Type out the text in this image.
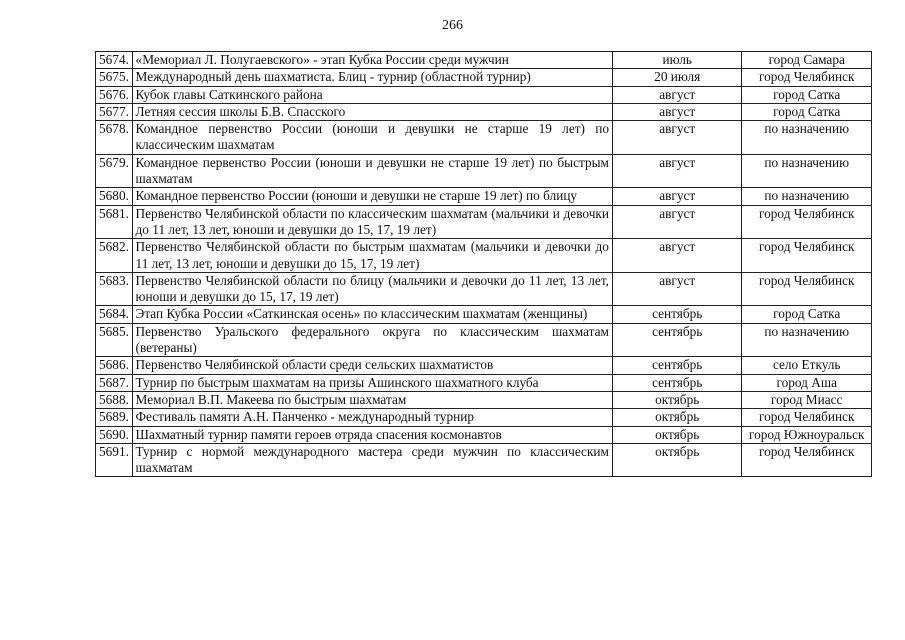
266
5674.	«Мемориал Л. Полугаевского» - этап Кубка России среди мужчин	июль	город Самара
5675.	Международный день шахматиста. Блиц - турнир (областной турнир)	20 июля	город Челябинск
5676.	Кубок главы Саткинского района	август	город Сатка
5677.	Летняя сессия школы Б.В. Спасского	август	город Сатка
5678.	Командное первенство России (юноши и девушки не старше 19 лет) по классическим шахматам	август	по назначению
5679.	Командное первенство России (юноши и девушки не старше 19 лет) по быстрым шахматам	август	по назначению
5680.	Командное первенство России (юноши и девушки не старше 19 лет) по блицу	август	по назначению
5681.	Первенство Челябинской области по классическим шахматам (мальчики и девочки до 11 лет, 13 лет, юноши и девушки до 15, 17, 19 лет)	август	город Челябинск
5682.	Первенство Челябинской области по быстрым шахматам (мальчики и девочки до 11 лет, 13 лет, юноши и девушки до 15, 17, 19 лет)	август	город Челябинск
5683.	Первенство Челябинской области по блицу (мальчики и девочки до 11 лет, 13 лет, юноши и девушки до 15, 17, 19 лет)	август	город Челябинск
5684.	Этап Кубка России «Саткинская осень» по классическим шахматам (женщины)	сентябрь	город Сатка
5685.	Первенство Уральского федерального округа по классическим шахматам (ветераны)	сентябрь	по назначению
5686.	Первенство Челябинской области среди сельских шахматистов	сентябрь	село Еткуль
5687.	Турнир по быстрым шахматам на призы Ашинского шахматного клуба	сентябрь	город Аша
5688.	Мемориал В.П. Макеева по быстрым шахматам	октябрь	город Миасс
5689.	Фестиваль памяти А.Н. Панченко - международный турнир	октябрь	город Челябинск
5690.	Шахматный турнир памяти героев отряда спасения космонавтов	октябрь	город Южноуральск
5691.	Турнир с нормой международного мастера среди мужчин по классическим шахматам	октябрь	город Челябинск
